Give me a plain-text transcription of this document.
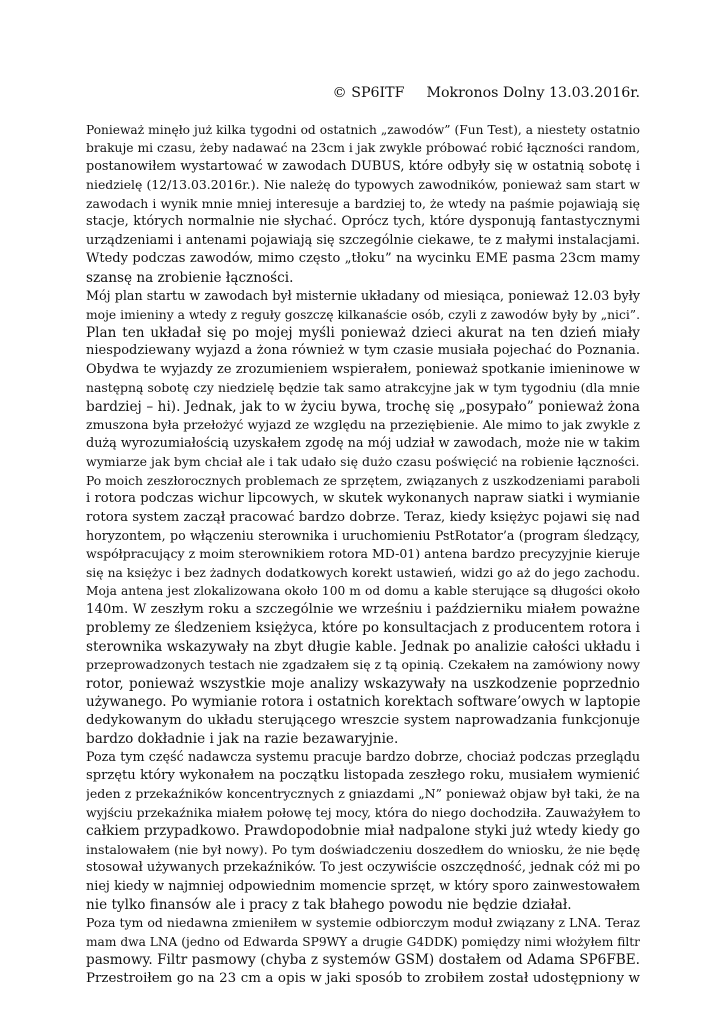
© SP6ITF Mokronos Dolny 13.03.2016r.
Ponieważ minęło już kilka tygodni od ostatnich „zawodów” (Fun Test), a niestety ostatnio
brakuje mi czasu, żeby nadawać na 23cm i jak zwykle próbować robić łączności random,
postanowiłem wystartować w zawodach DUBUS, które odbyły się w ostatnią sobotę i
niedzielę (12/13.03.2016r.). Nie należę do typowych zawodników, ponieważ sam start w
zawodach i wynik mnie mniej interesuje a bardziej to, że wtedy na paśmie pojawiają się
stacje, których normalnie nie słychać. Oprócz tych, które dysponują fantastycznymi
urządzeniami i antenami pojawiają się szczególnie ciekawe, te z małymi instalacjami.
Wtedy podczas zawodów, mimo często „tłoku” na wycinku EME pasma 23cm mamy
szansę na zrobienie łączności.
Mój plan startu w zawodach był misternie układany od miesiąca, ponieważ 12.03 były
moje imieniny a wtedy z reguły goszczę kilkanaście osób, czyli z zawodów były by „nici”.
Plan ten układał się po mojej myśli ponieważ dzieci akurat na ten dzień miały
niespodziewany wyjazd a żona również w tym czasie musiała pojechać do Poznania.
Obydwa te wyjazdy ze zrozumieniem wspierałem, ponieważ spotkanie imieninowe w
następną sobotę czy niedzielę będzie tak samo atrakcyjne jak w tym tygodniu (dla mnie
bardziej – hi). Jednak, jak to w życiu bywa, trochę się „posypało” ponieważ żona
zmuszona była przełożyć wyjazd ze względu na przeziębienie. Ale mimo to jak zwykle z
dużą wyrozumiałością uzyskałem zgodę na mój udział w zawodach, może nie w takim
wymiarze jak bym chciał ale i tak udało się dużo czasu poświęcić na robienie łączności.
Po moich zeszłorocznych problemach ze sprzętem, związanych z uszkodzeniami paraboli
i rotora podczas wichur lipcowych, w skutek wykonanych napraw siatki i wymianie
rotora system zaczął pracować bardzo dobrze. Teraz, kiedy księżyc pojawi się nad
horyzontem, po włączeniu sterownika i uruchomieniu PstRotator’a (program śledzący,
współpracujący z moim sterownikiem rotora MD-01) antena bardzo precyzyjnie kieruje
się na księżyc i bez żadnych dodatkowych korekt ustawień, widzi go aż do jego zachodu.
Moja antena jest zlokalizowana około 100 m od domu a kable sterujące są długości około
140m. W zeszłym roku a szczególnie we wrześniu i październiku miałem poważne
problemy ze śledzeniem księżyca, które po konsultacjach z producentem rotora i
sterownika wskazywały na zbyt długie kable. Jednak po analizie całości układu i
przeprowadzonych testach nie zgadzałem się z tą opinią. Czekałem na zamówiony nowy
rotor, ponieważ wszystkie moje analizy wskazywały na uszkodzenie poprzednio
używanego. Po wymianie rotora i ostatnich korektach software’owych w laptopie
dedykowanym do układu sterującego wreszcie system naprowadzania funkcjonuje
bardzo dokładnie i jak na razie bezawaryjnie.
Poza tym część nadawcza systemu pracuje bardzo dobrze, chociaż podczas przeglądu
sprzętu który wykonałem na początku listopada zeszłego roku, musiałem wymienić
jeden z przekaźników koncentrycznych z gniazdami „N” ponieważ objaw był taki, że na
wyjściu przekaźnika miałem połowę tej mocy, która do niego dochodziła. Zauważyłem to
całkiem przypadkowo. Prawdopodobnie miał nadpalone styki już wtedy kiedy go
instalowałem (nie był nowy). Po tym doświadczeniu doszedłem do wniosku, że nie będę
stosował używanych przekaźników. To jest oczywiście oszczędność, jednak cóż mi po
niej kiedy w najmniej odpowiednim momencie sprzęt, w który sporo zainwestowałem
nie tylko finansów ale i pracy z tak błahego powodu nie będzie działał.
Poza tym od niedawna zmieniłem w systemie odbiorczym moduł związany z LNA. Teraz
mam dwa LNA (jedno od Edwarda SP9WY a drugie G4DDK) pomiędzy nimi włożyłem filtr
pasmowy. Filtr pasmowy (chyba z systemów GSM) dostałem od Adama SP6FBE.
Przestroiłem go na 23 cm a opis w jaki sposób to zrobiłem został udostępniony w
